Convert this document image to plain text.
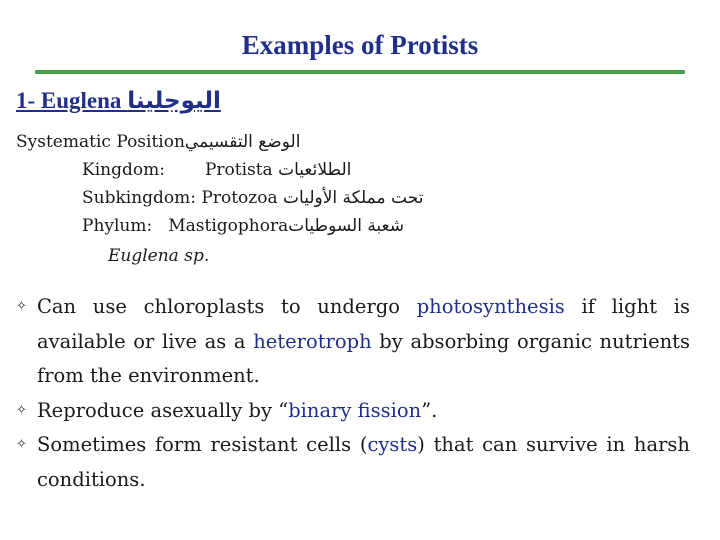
Examples of Protists
1- Euglena اليوجلينا
Systematic Positionالوضع التقسيمي
Kingdom: Protista الطلائعيات
Subkingdom: Protozoa تحت مملكة الأوليات
Phylum: Mastigophoraشعبة السوطيات
Euglena sp.
✧ Can use chloroplasts to undergo photosynthesis if light is available or live as a heterotroph by absorbing organic nutrients from the environment.
✧ Reproduce asexually by “binary fission”.
✧ Sometimes form resistant cells (cysts) that can survive in harsh conditions.
